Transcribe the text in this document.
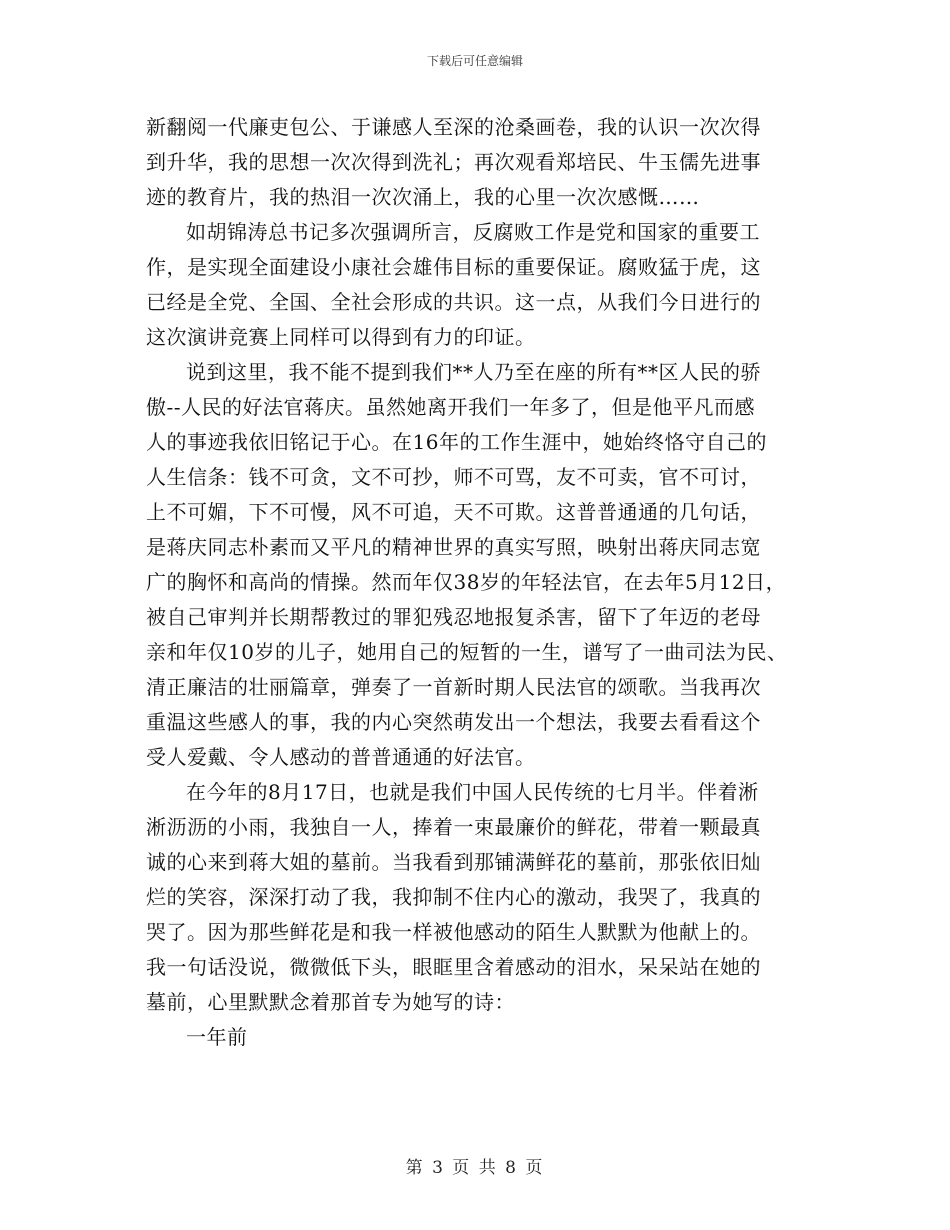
下载后可任意编辑
新翻阅一代廉吏包公、于谦感人至深的沧桑画卷，我的认识一次次得
到升华，我的思想一次次得到洗礼；再次观看郑培民、牛玉儒先进事
迹的教育片，我的热泪一次次涌上，我的心里一次次感慨……
如胡锦涛总书记多次强调所言，反腐败工作是党和国家的重要工
作，是实现全面建设小康社会雄伟目标的重要保证。腐败猛于虎，这
已经是全党、全国、全社会形成的共识。这一点，从我们今日进行的
这次演讲竞赛上同样可以得到有力的印证。
说到这里，我不能不提到我们**人乃至在座的所有**区人民的骄
傲--人民的好法官蒋庆。虽然她离开我们一年多了，但是他平凡而感
人的事迹我依旧铭记于心。在16年的工作生涯中，她始终恪守自己的
人生信条：钱不可贪，文不可抄，师不可骂，友不可卖，官不可讨，
上不可媚，下不可慢，风不可追，天不可欺。这普普通通的几句话，
是蒋庆同志朴素而又平凡的精神世界的真实写照，映射出蒋庆同志宽
广的胸怀和高尚的情操。然而年仅38岁的年轻法官，在去年5月12日，
被自己审判并长期帮教过的罪犯残忍地报复杀害，留下了年迈的老母
亲和年仅10岁的儿子，她用自己的短暂的一生，谱写了一曲司法为民、
清正廉洁的壮丽篇章，弹奏了一首新时期人民法官的颂歌。当我再次
重温这些感人的事，我的内心突然萌发出一个想法，我要去看看这个
受人爱戴、令人感动的普普通通的好法官。
在今年的8月17日，也就是我们中国人民传统的七月半。伴着淅
淅沥沥的小雨，我独自一人，捧着一束最廉价的鲜花，带着一颗最真
诚的心来到蒋大姐的墓前。当我看到那铺满鲜花的墓前，那张依旧灿
烂的笑容，深深打动了我，我抑制不住内心的激动，我哭了，我真的
哭了。因为那些鲜花是和我一样被他感动的陌生人默默为他献上的。
我一句话没说，微微低下头，眼眶里含着感动的泪水，呆呆站在她的
墓前，心里默默念着那首专为她写的诗：
一年前
第 3 页 共 8 页
